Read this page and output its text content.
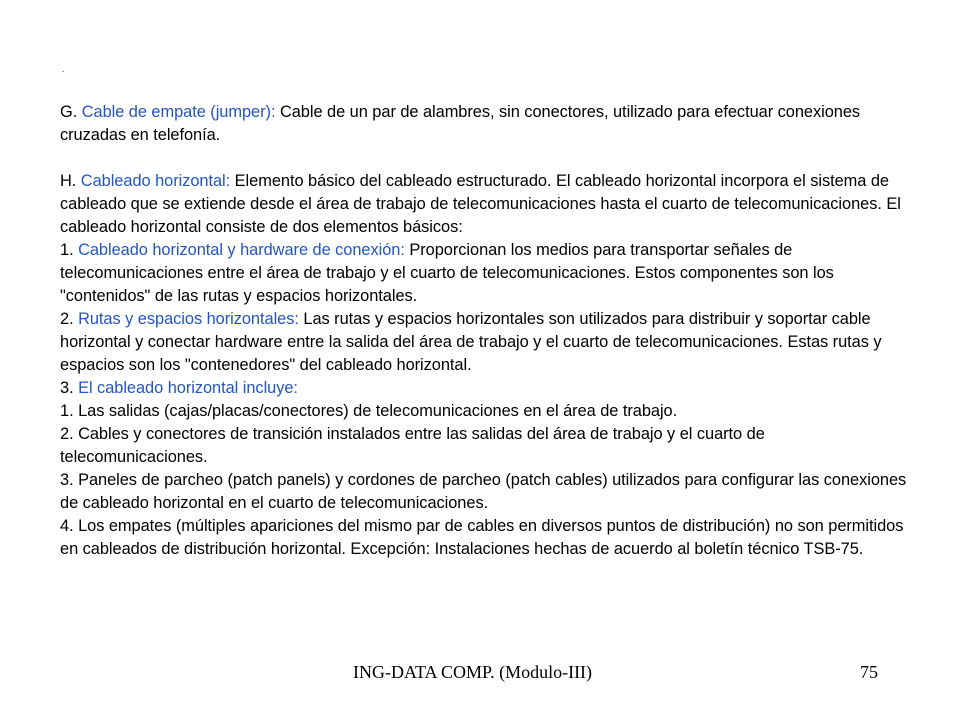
.

G. Cable de empate (jumper): Cable de un par de alambres, sin conectores, utilizado para efectuar conexiones cruzadas en telefonía.

H. Cableado horizontal: Elemento básico del cableado estructurado. El cableado horizontal incorpora el sistema de cableado que se extiende desde el área de trabajo de telecomunicaciones hasta el cuarto de telecomunicaciones. El cableado horizontal consiste de dos elementos básicos:

1. Cableado horizontal y hardware de conexión: Proporcionan los medios para transportar señales de telecomunicaciones entre el área de trabajo y el cuarto de telecomunicaciones. Estos componentes son los "contenidos" de las rutas y espacios horizontales.

2. Rutas y espacios horizontales: Las rutas y espacios horizontales son utilizados para distribuir y soportar cable horizontal y conectar hardware entre la salida del área de trabajo y el cuarto de telecomunicaciones. Estas rutas y espacios son los "contenedores" del cableado horizontal.

3. El cableado horizontal incluye:

1. Las salidas (cajas/placas/conectores) de telecomunicaciones en el área de trabajo.

2. Cables y conectores de transición instalados entre las salidas del área de trabajo y el cuarto de telecomunicaciones.

3. Paneles de parcheo (patch panels) y cordones de parcheo (patch cables) utilizados para configurar las conexiones de cableado horizontal en el cuarto de telecomunicaciones.

4. Los empates (múltiples apariciones del mismo par de cables en diversos puntos de distribución) no son permitidos en cableados de distribución horizontal. Excepción: Instalaciones hechas de acuerdo al boletín técnico TSB-75.

ING-DATA COMP. (Modulo-III)	75
